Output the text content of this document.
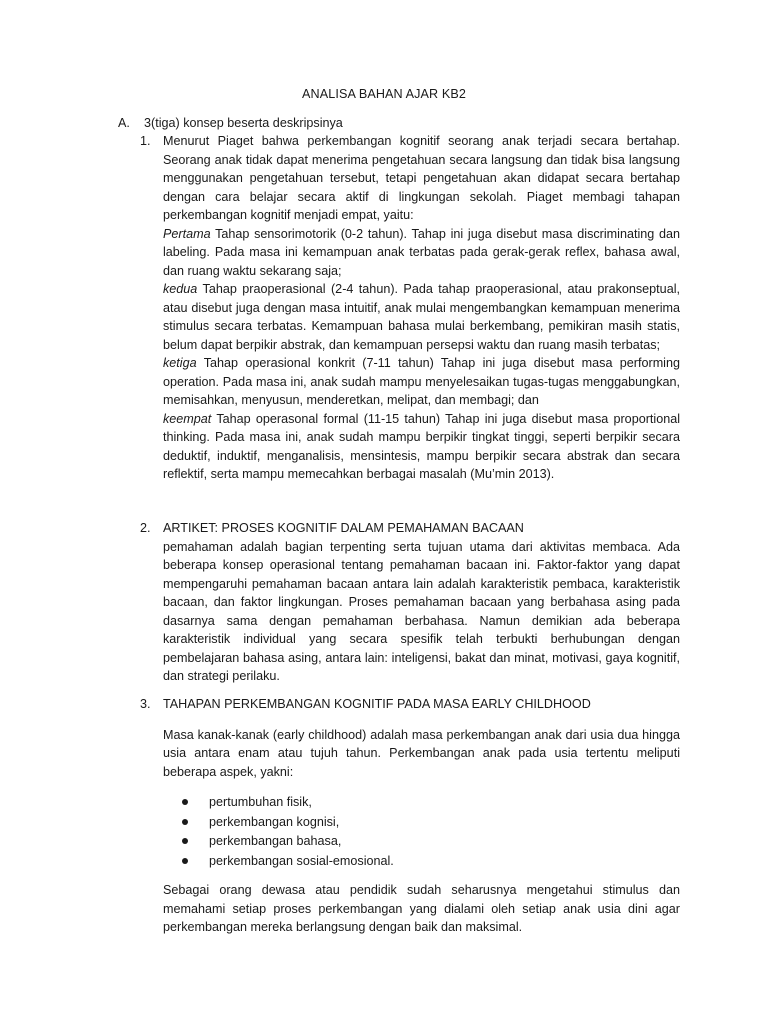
ANALISA BAHAN AJAR KB2
A. 3(tiga) konsep beserta deskripsinya
1. Menurut Piaget bahwa perkembangan kognitif seorang anak terjadi secara bertahap. Seorang anak tidak dapat menerima pengetahuan secara langsung dan tidak bisa langsung menggunakan pengetahuan tersebut, tetapi pengetahuan akan didapat secara bertahap dengan cara belajar secara aktif di lingkungan sekolah. Piaget membagi tahapan perkembangan kognitif menjadi empat, yaitu:

Pertama Tahap sensorimotorik (0-2 tahun). Tahap ini juga disebut masa discriminating dan labeling. Pada masa ini kemampuan anak terbatas pada gerak-gerak reflex, bahasa awal, dan ruang waktu sekarang saja;

kedua Tahap praoperasional (2-4 tahun). Pada tahap praoperasional, atau prakonseptual, atau disebut juga dengan masa intuitif, anak mulai mengembangkan kemampuan menerima stimulus secara terbatas. Kemampuan bahasa mulai berkembang, pemikiran masih statis, belum dapat berpikir abstrak, dan kemampuan persepsi waktu dan ruang masih terbatas;

ketiga Tahap operasional konkrit (7-11 tahun) Tahap ini juga disebut masa performing operation. Pada masa ini, anak sudah mampu menyelesaikan tugas-tugas menggabungkan, memisahkan, menyusun, menderetkan, melipat, dan membagi; dan

keempat Tahap operasonal formal (11-15 tahun) Tahap ini juga disebut masa proportional thinking. Pada masa ini, anak sudah mampu berpikir tingkat tinggi, seperti berpikir secara deduktif, induktif, menganalisis, mensintesis, mampu berpikir secara abstrak dan secara reflektif, serta mampu memecahkan berbagai masalah (Mu’min 2013).

2. ARTIKET: PROSES KOGNITIF DALAM PEMAHAMAN BACAAN
pemahaman adalah bagian terpenting serta tujuan utama dari aktivitas membaca. Ada beberapa konsep operasional tentang pemahaman bacaan ini. Faktor-faktor yang dapat mempengaruhi pemahaman bacaan antara lain adalah karakteristik pembaca, karakteristik bacaan, dan faktor lingkungan. Proses pemahaman bacaan yang berbahasa asing pada dasarnya sama dengan pemahaman berbahasa. Namun demikian ada beberapa karakteristik individual yang secara spesifik telah terbukti berhubungan dengan pembelajaran bahasa asing, antara lain: inteligensi, bakat dan minat, motivasi, gaya kognitif, dan strategi perilaku.
3. TAHAPAN PERKEMBANGAN KOGNITIF PADA MASA EARLY CHILDHOOD
Masa kanak-kanak (early childhood) adalah masa perkembangan anak dari usia dua hingga usia antara enam atau tujuh tahun. Perkembangan anak pada usia tertentu meliputi beberapa aspek, yakni:
pertumbuhan fisik,
perkembangan kognisi,
perkembangan bahasa,
perkembangan sosial-emosional.
Sebagai orang dewasa atau pendidik sudah seharusnya mengetahui stimulus dan memahami setiap proses perkembangan yang dialami oleh setiap anak usia dini agar perkembangan mereka berlangsung dengan baik dan maksimal.
